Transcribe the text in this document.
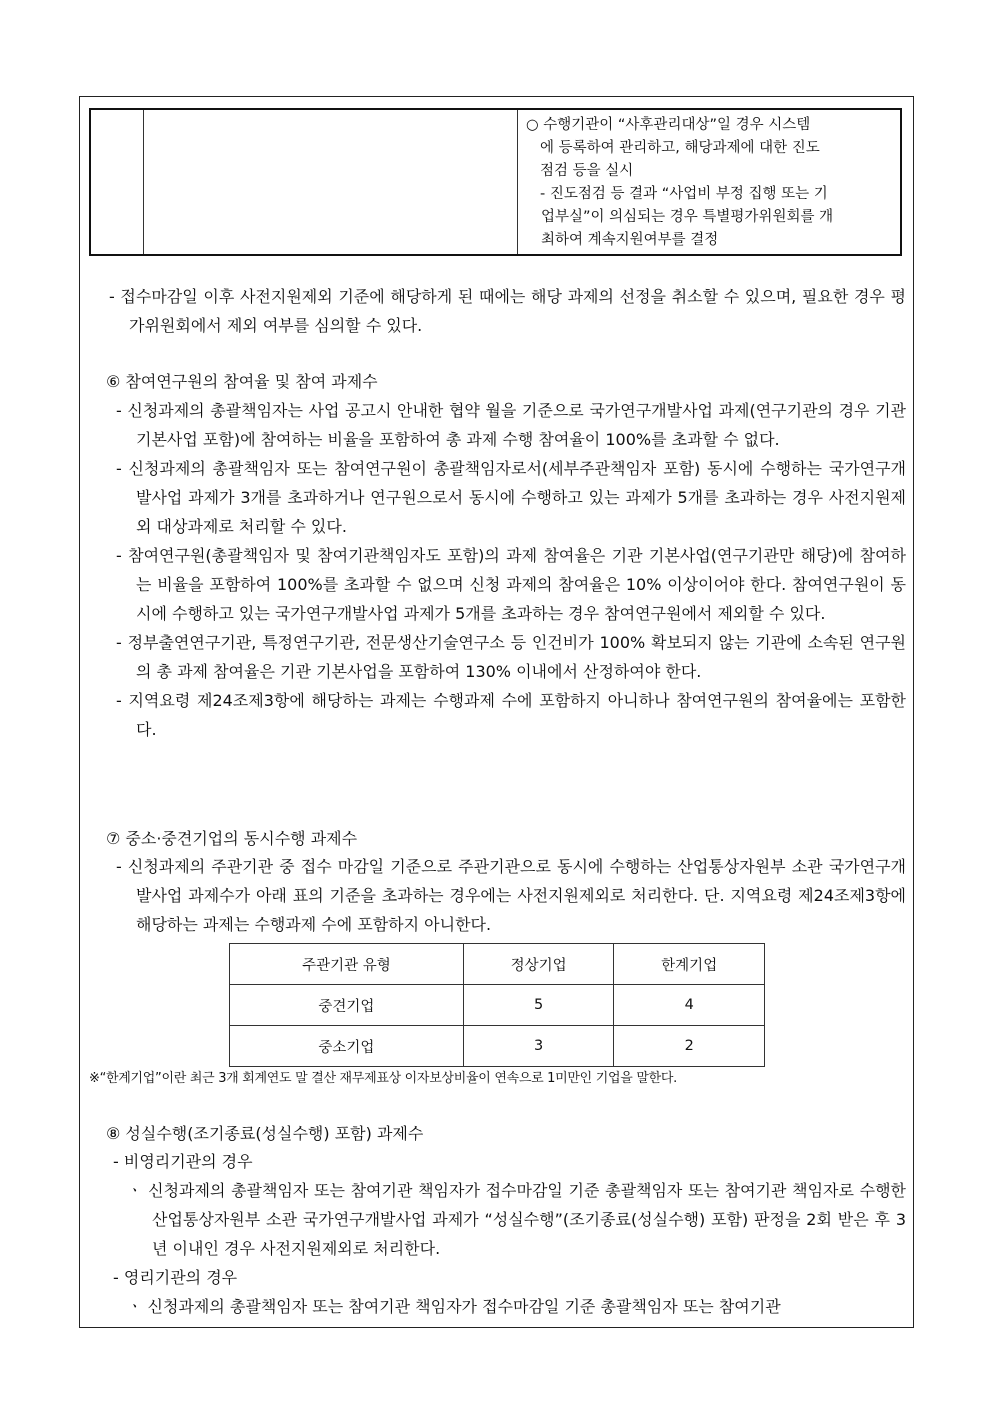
○ 수행기관이 “사후관리대상”일 경우 시스템
에 등록하여 관리하고, 해당과제에 대한 진도
점검 등을 실시
- 진도점검 등 결과 “사업비 부정 집행 또는 기
업부실”이 의심되는 경우 특별평가위원회를 개
최하여 계속지원여부를 결정

- 접수마감일 이후 사전지원제외 기준에 해당하게 된 때에는 해당 과제의 선정을 취소할 수 있으며, 필요한 경우 평가위원회에서 제외 여부를 심의할 수 있다.

⑥ 참여연구원의 참여율 및 참여 과제수

- 신청과제의 총괄책임자는 사업 공고시 안내한 협약 월을 기준으로 국가연구개발사업 과제(연구기관의 경우 기관 기본사업 포함)에 참여하는 비율을 포함하여 총 과제 수행 참여율이 100%를 초과할 수 없다.

- 신청과제의 총괄책임자 또는 참여연구원이 총괄책임자로서(세부주관책임자 포함) 동시에 수행하는 국가연구개발사업 과제가 3개를 초과하거나 연구원으로서 동시에 수행하고 있는 과제가 5개를 초과하는 경우 사전지원제외 대상과제로 처리할 수 있다.

- 참여연구원(총괄책임자 및 참여기관책임자도 포함)의 과제 참여율은 기관 기본사업(연구기관만 해당)에 참여하는 비율을 포함하여 100%를 초과할 수 없으며 신청 과제의 참여율은 10% 이상이어야 한다. 참여연구원이 동시에 수행하고 있는 국가연구개발사업 과제가 5개를 초과하는 경우 참여연구원에서 제외할 수 있다.

- 정부출연연구기관, 특정연구기관, 전문생산기술연구소 등 인건비가 100% 확보되지 않는 기관에 소속된 연구원의 총 과제 참여율은 기관 기본사업을 포함하여 130% 이내에서 산정하여야 한다.

- 지역요령 제24조제3항에 해당하는 과제는 수행과제 수에 포함하지 아니하나 참여연구원의 참여율에는 포함한다.

⑦ 중소·중견기업의 동시수행 과제수

- 신청과제의 주관기관 중 접수 마감일 기준으로 주관기관으로 동시에 수행하는 산업통상자원부 소관 국가연구개발사업 과제수가 아래 표의 기준을 초과하는 경우에는 사전지원제외로 처리한다. 단. 지역요령 제24조제3항에 해당하는 과제는 수행과제 수에 포함하지 아니한다.

주관기관 유형	정상기업	한계기업
중견기업	5	4
중소기업	3	2
※“한계기업”이란 최근 3개 회계연도 말 결산 재무제표상 이자보상비율이 연속으로 1미만인 기업을 말한다.

⑧ 성실수행(조기종료(성실수행) 포함) 과제수

- 비영리기관의 경우

ㆍ 신청과제의 총괄책임자 또는 참여기관 책임자가 접수마감일 기준 총괄책임자 또는 참여기관 책임자로 수행한 산업통상자원부 소관 국가연구개발사업 과제가 “성실수행”(조기종료(성실수행) 포함) 판정을 2회 받은 후 3년 이내인 경우 사전지원제외로 처리한다.

- 영리기관의 경우

ㆍ 신청과제의 총괄책임자 또는 참여기관 책임자가 접수마감일 기준 총괄책임자 또는 참여기관
